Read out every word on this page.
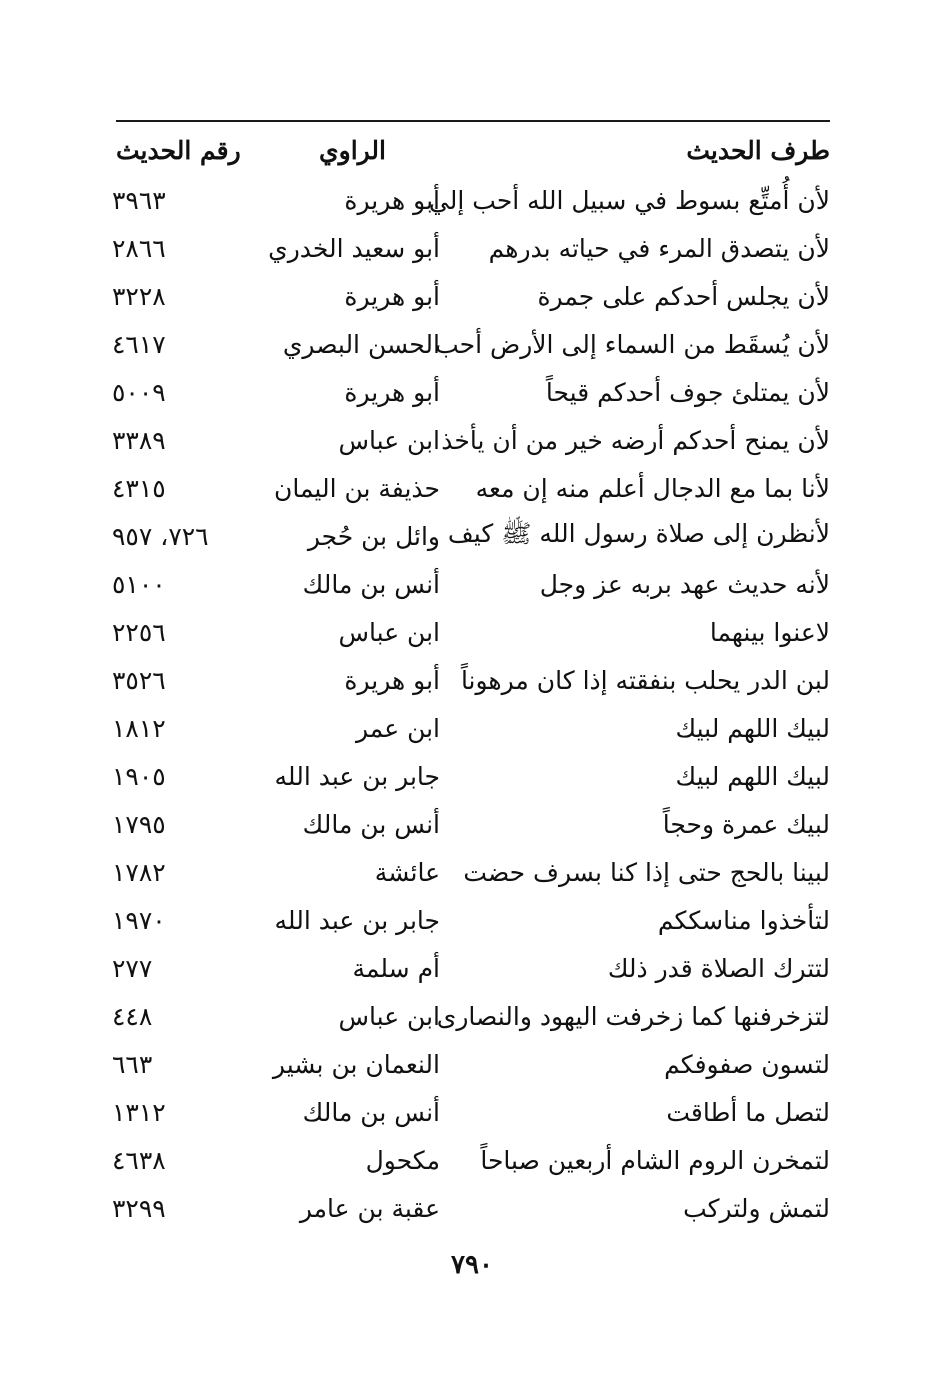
طرف الحديث
الراوي
رقم الحديث
لأن أُمتِّع بسوط في سبيل الله أحب إلي
أبو هريرة
٣٩٦٣
لأن يتصدق المرء في حياته بدرهم
أبو سعيد الخدري
٢٨٦٦
لأن يجلس أحدكم على جمرة
أبو هريرة
٣٢٢٨
لأن يُسقَط من السماء إلى الأرض أحب
الحسن البصري
٤٦١٧
لأن يمتلئ جوف أحدكم قيحاً
أبو هريرة
٥٠٠٩
لأن يمنح أحدكم أرضه خير من أن يأخذ
ابن عباس
٣٣٨٩
لأنا بما مع الدجال أعلم منه إن معه
حذيفة بن اليمان
٤٣١٥
لأنظرن إلى صلاة رسول الله ﷺ كيف
وائل بن حُجر
٧٢٦، ٩٥٧
لأنه حديث عهد بربه عز وجل
أنس بن مالك
٥١٠٠
لاعنوا بينهما
ابن عباس
٢٢٥٦
لبن الدر يحلب بنفقته إذا كان مرهوناً
أبو هريرة
٣٥٢٦
لبيك اللهم لبيك
ابن عمر
١٨١٢
لبيك اللهم لبيك
جابر بن عبد الله
١٩٠٥
لبيك عمرة وحجاً
أنس بن مالك
١٧٩٥
لبينا بالحج حتى إذا كنا بسرف حضت
عائشة
١٧٨٢
لتأخذوا مناسككم
جابر بن عبد الله
١٩٧٠
لتترك الصلاة قدر ذلك
أم سلمة
٢٧٧
لتزخرفنها كما زخرفت اليهود والنصارى
ابن عباس
٤٤٨
لتسون صفوفكم
النعمان بن بشير
٦٦٣
لتصل ما أطاقت
أنس بن مالك
١٣١٢
لتمخرن الروم الشام أربعين صباحاً
مكحول
٤٦٣٨
لتمش ولتركب
عقبة بن عامر
٣٢٩٩
٧٩٠
